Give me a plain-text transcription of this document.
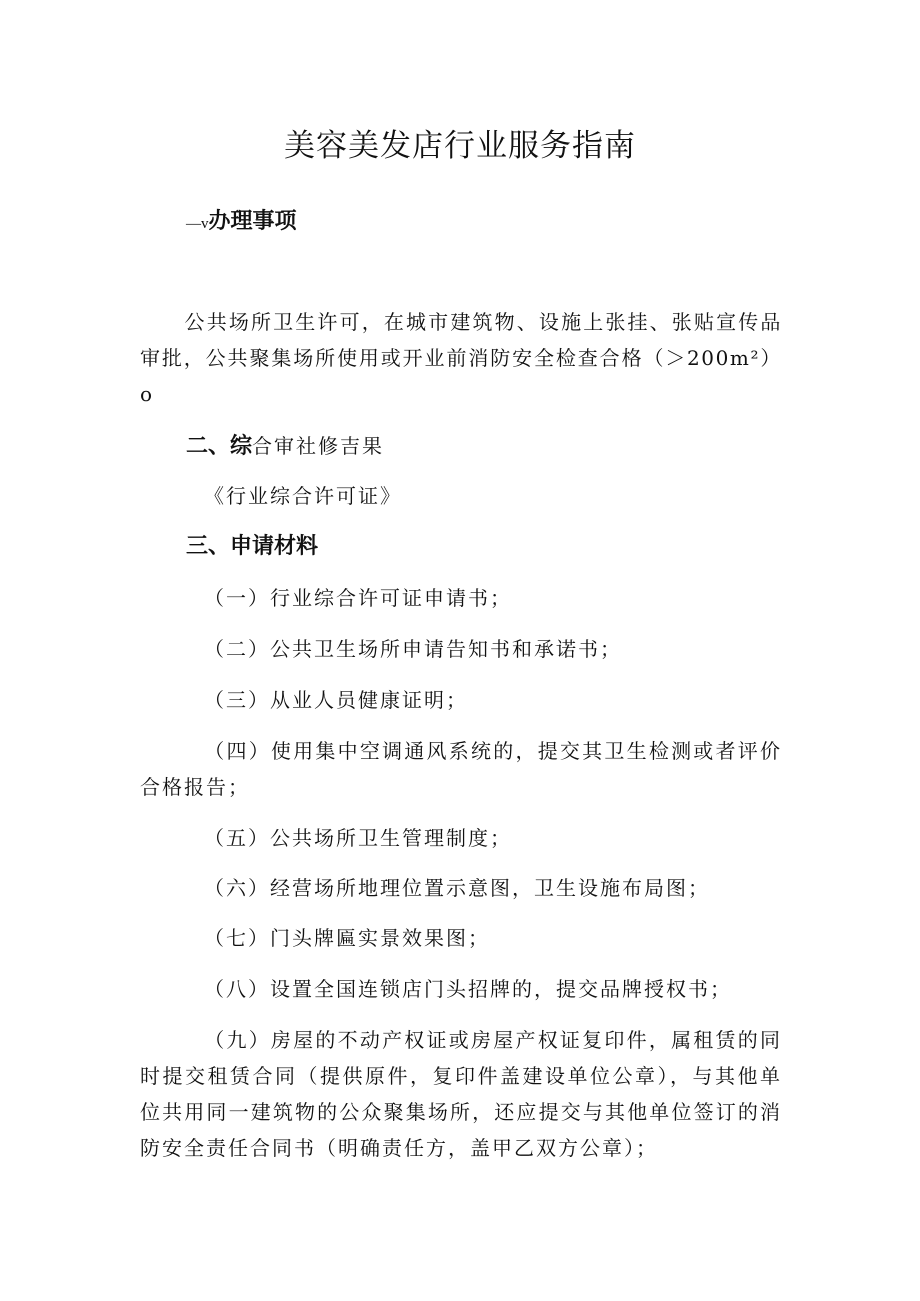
美容美发店行业服务指南
—v办理事项

公共场所卫生许可，在城市建筑物、设施上张挂、张贴宣传品审批，公共聚集场所使用或开业前消防安全检查合格（＞200m²）o

二、综合审社修吉果
《行业综合许可证》
三、申请材料

（一）行业综合许可证申请书；

（二）公共卫生场所申请告知书和承诺书；

（三）从业人员健康证明；

（四）使用集中空调通风系统的，提交其卫生检测或者评价合格报告；

（五）公共场所卫生管理制度；

（六）经营场所地理位置示意图，卫生设施布局图；

（七）门头牌匾实景效果图；

（八）设置全国连锁店门头招牌的，提交品牌授权书；

（九）房屋的不动产权证或房屋产权证复印件，属租赁的同时提交租赁合同（提供原件，复印件盖建设单位公章），与其他单位共用同一建筑物的公众聚集场所，还应提交与其他单位签订的消防安全责任合同书（明确责任方，盖甲乙双方公章）；
